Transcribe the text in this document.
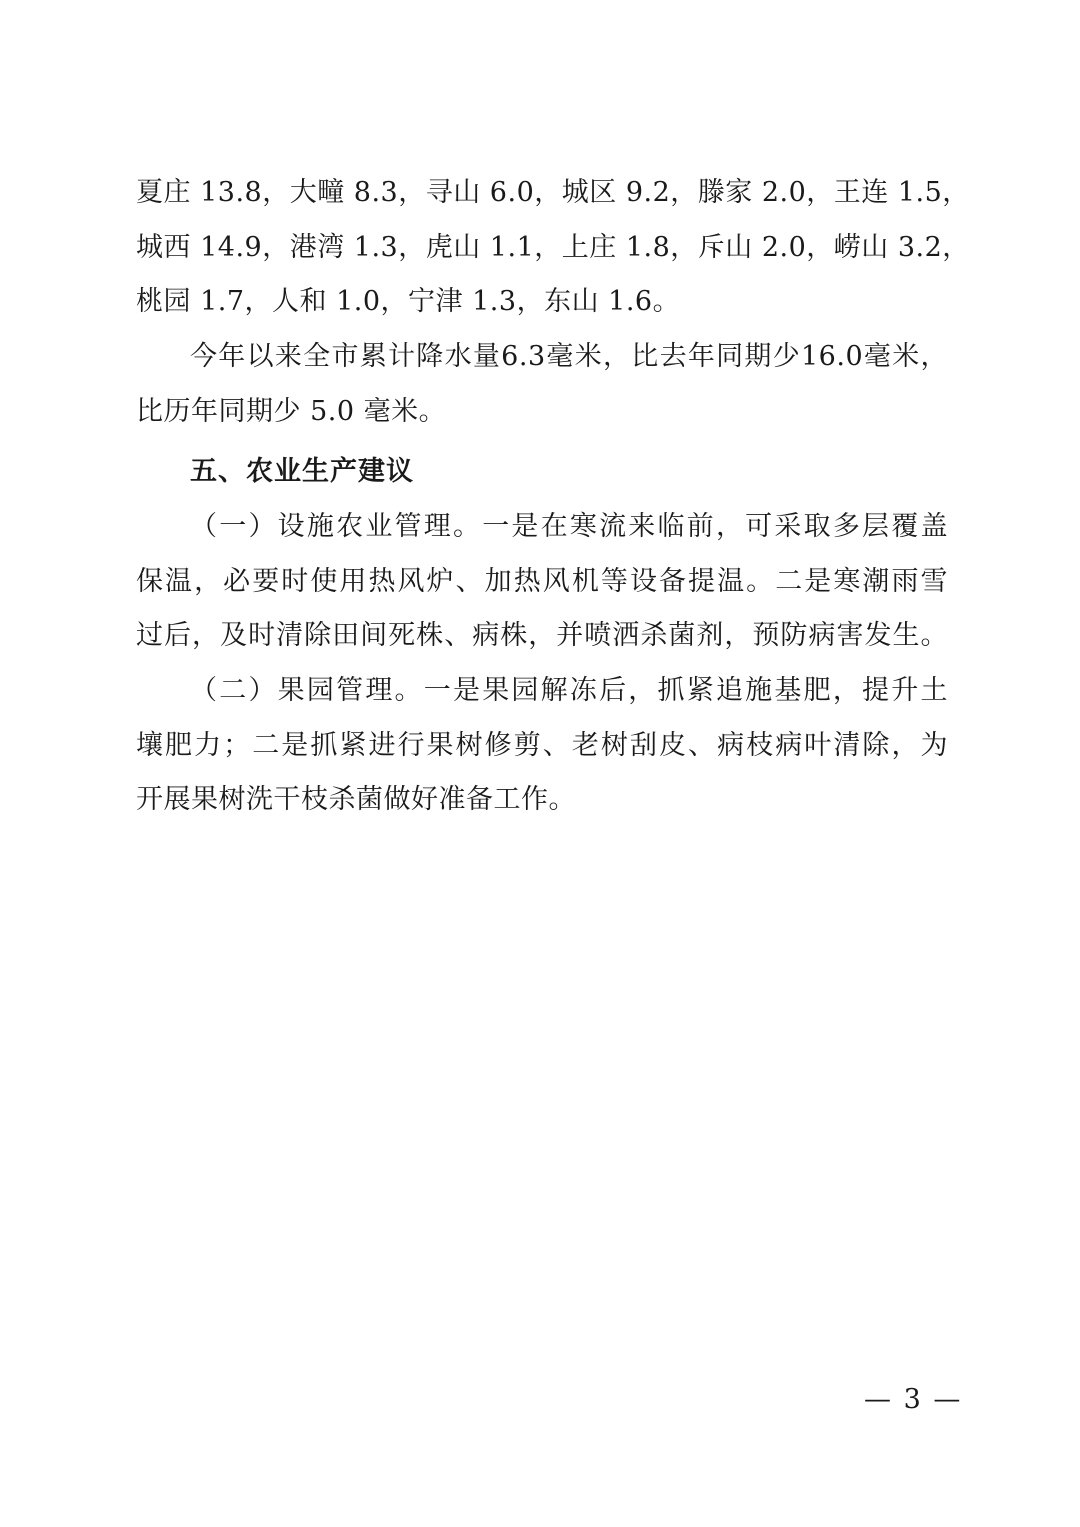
夏庄 13.8，大疃 8.3，寻山 6.0，城区 9.2，滕家 2.0，王连 1.5，
城西 14.9，港湾 1.3，虎山 1.1，上庄 1.8，斥山 2.0，崂山 3.2，
桃园 1.7，人和 1.0，宁津 1.3，东山 1.6。
今年以来全市累计降水量6.3毫米，比去年同期少16.0毫米，
比历年同期少 5.0 毫米。
五、农业生产建议
（一）设施农业管理。一是在寒流来临前，可采取多层覆盖
保温，必要时使用热风炉、加热风机等设备提温。二是寒潮雨雪
过后，及时清除田间死株、病株，并喷洒杀菌剂，预防病害发生。
（二）果园管理。一是果园解冻后，抓紧追施基肥，提升土
壤肥力；二是抓紧进行果树修剪、老树刮皮、病枝病叶清除，为
开展果树洗干枝杀菌做好准备工作。
— 3 —
